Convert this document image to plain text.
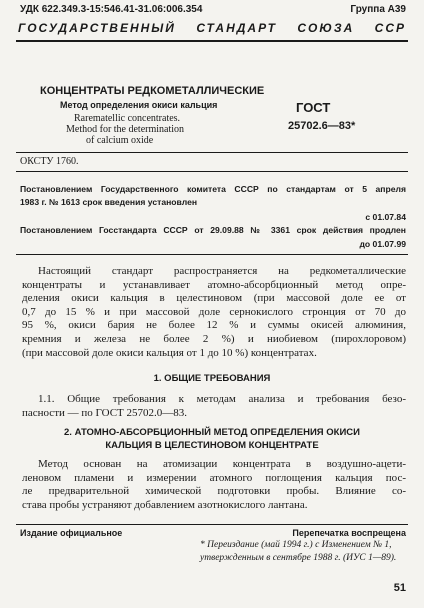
УДК 622.349.3-15:546.41-31.06:006.354	Группа А39
ГОСУДАРСТВЕННЫЙ СТАНДАРТ СОЮЗА ССР
КОНЦЕНТРАТЫ РЕДКОМЕТАЛЛИЧЕСКИЕ
Метод определения окиси кальция
Rarematellic concentrates.
Method for the determination
of calcium oxide
ГОСТ
25702.6—83*
ОКСТУ 1760.
Постановлением Государственного комитета СССР по стандартам от 5 апреля
1983 г. № 1613 срок введения установлен
с 01.07.84
Постановлением Госстандарта СССР от 29.09.88 № 3361 срок действия продлен
до 01.07.99
Настоящий стандарт распространяется на редкометаллические
концентраты и устанавливает атомно-абсорбционный метод опре-
деления окиси кальция в целестиновом (при массовой доле ее от
0,7 до 15 % и при массовой доле сернокислого стронция от 70 до
95 %, окиси бария не более 12 % и суммы окисей алюминия,
кремния и железа не более 2 %) и ниобиевом (пирохлоровом)
(при массовой доле окиси кальция от 1 до 10 %) концентратах.
1. ОБЩИЕ ТРЕБОВАНИЯ
1.1. Общие требования к методам анализа и требования безо-
пасности — по ГОСТ 25702.0—83.
2. АТОМНО-АБСОРБЦИОННЫЙ МЕТОД ОПРЕДЕЛЕНИЯ ОКИСИ
КАЛЬЦИЯ В ЦЕЛЕСТИНОВОМ КОНЦЕНТРАТЕ
Метод основан на атомизации концентрата в воздушно-ацети-
леновом пламени и измерении атомного поглощения кальция пос-
ле предварительной химической подготовки пробы. Влияние со-
става пробы устраняют добавлением азотнокислого лантана.
Издание официальное	Перепечатка воспрещена
* Переиздание (май 1994 г.) с Изменением № 1,
утвержденным в сентябре 1988 г. (ИУС 1—89).
51
